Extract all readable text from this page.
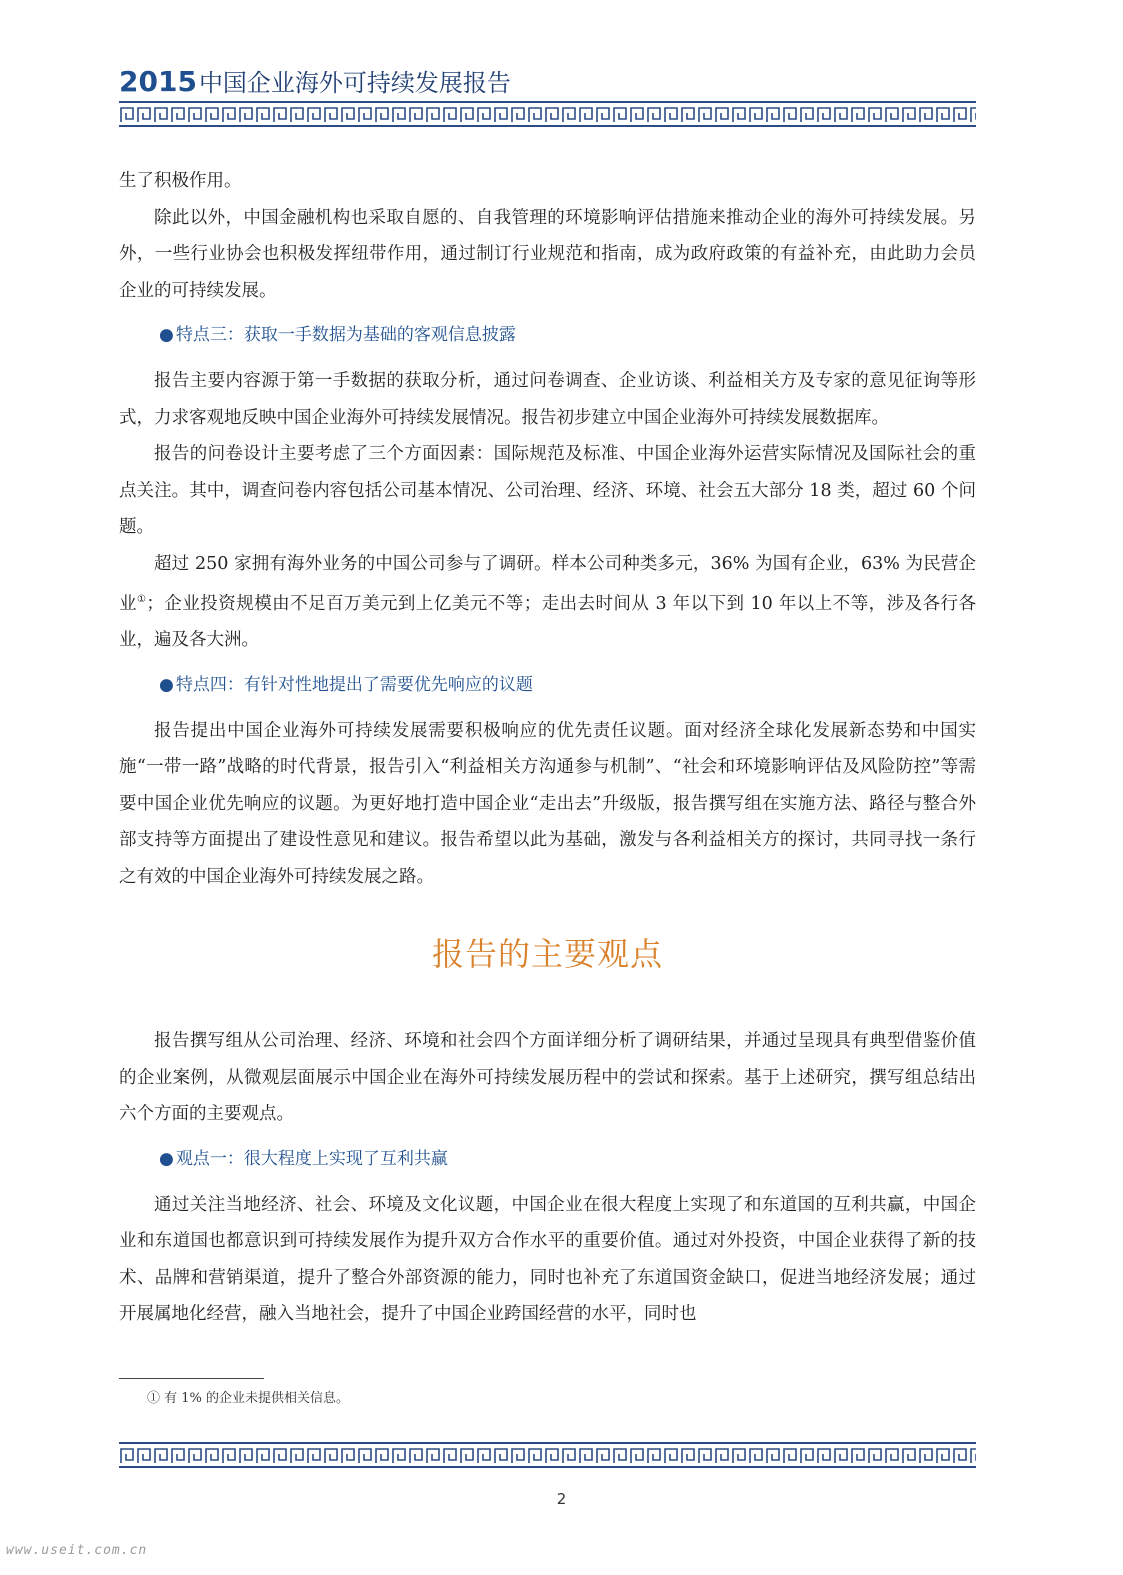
2015中国企业海外可持续发展报告

生了积极作用。

除此以外，中国金融机构也采取自愿的、自我管理的环境影响评估措施来推动企业的海外可持续发展。另外，一些行业协会也积极发挥纽带作用，通过制订行业规范和指南，成为政府政策的有益补充，由此助力会员企业的可持续发展。

● 特点三：获取一手数据为基础的客观信息披露

报告主要内容源于第一手数据的获取分析，通过问卷调查、企业访谈、利益相关方及专家的意见征询等形式，力求客观地反映中国企业海外可持续发展情况。报告初步建立中国企业海外可持续发展数据库。

报告的问卷设计主要考虑了三个方面因素：国际规范及标准、中国企业海外运营实际情况及国际社会的重点关注。其中，调查问卷内容包括公司基本情况、公司治理、经济、环境、社会五大部分 18 类，超过 60 个问题。

超过 250 家拥有海外业务的中国公司参与了调研。样本公司种类多元，36% 为国有企业，63% 为民营企业①；企业投资规模由不足百万美元到上亿美元不等；走出去时间从 3 年以下到 10 年以上不等，涉及各行各业，遍及各大洲。

● 特点四：有针对性地提出了需要优先响应的议题

报告提出中国企业海外可持续发展需要积极响应的优先责任议题。面对经济全球化发展新态势和中国实施“一带一路”战略的时代背景，报告引入“利益相关方沟通参与机制”、“社会和环境影响评估及风险防控”等需要中国企业优先响应的议题。为更好地打造中国企业“走出去”升级版，报告撰写组在实施方法、路径与整合外部支持等方面提出了建设性意见和建议。报告希望以此为基础，激发与各利益相关方的探讨，共同寻找一条行之有效的中国企业海外可持续发展之路。

报告的主要观点

报告撰写组从公司治理、经济、环境和社会四个方面详细分析了调研结果，并通过呈现具有典型借鉴价值的企业案例，从微观层面展示中国企业在海外可持续发展历程中的尝试和探索。基于上述研究，撰写组总结出六个方面的主要观点。

● 观点一：很大程度上实现了互利共赢

通过关注当地经济、社会、环境及文化议题，中国企业在很大程度上实现了和东道国的互利共赢，中国企业和东道国也都意识到可持续发展作为提升双方合作水平的重要价值。通过对外投资，中国企业获得了新的技术、品牌和营销渠道，提升了整合外部资源的能力，同时也补充了东道国资金缺口，促进当地经济发展；通过开展属地化经营，融入当地社会，提升了中国企业跨国经营的水平，同时也

① 有 1% 的企业未提供相关信息。
2
www.useit.com.cn
